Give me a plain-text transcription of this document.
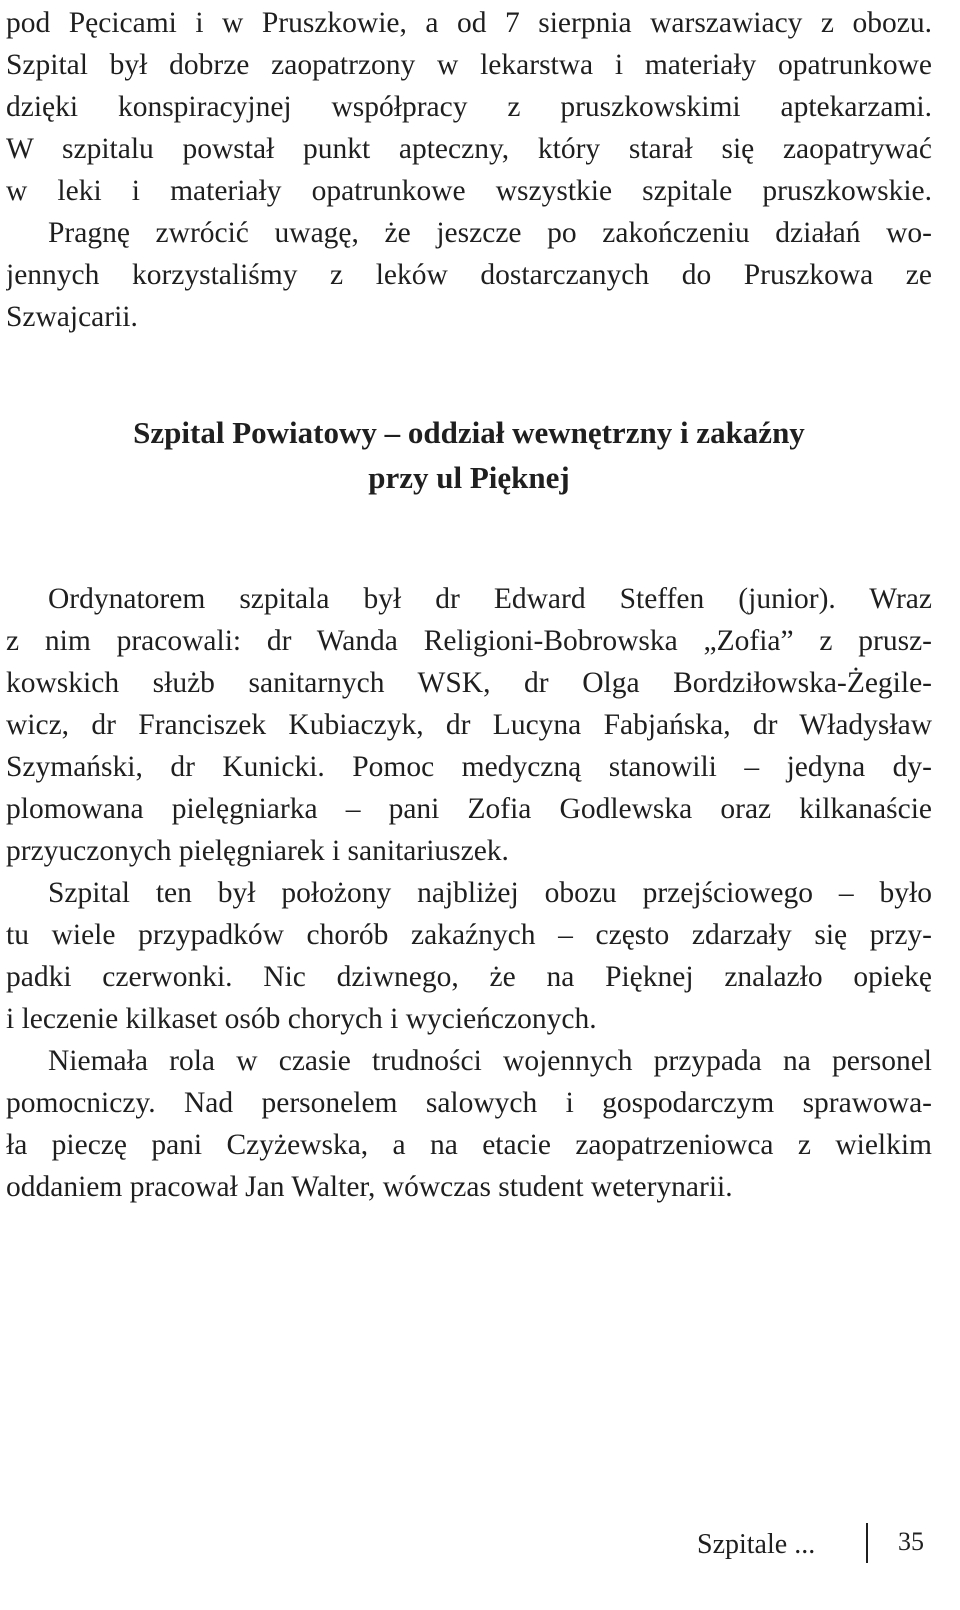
pod Pęcicami i w Pruszkowie, a od 7 sierpnia warszawiacy z obozu.
Szpital był dobrze zaopatrzony w lekarstwa i materiały opatrunkowe
dzięki konspiracyjnej współpracy z pruszkowskimi aptekarzami.
W szpitalu powstał punkt apteczny, który starał się zaopatrywać
w leki i materiały opatrunkowe wszystkie szpitale pruszkowskie.
Pragnę zwrócić uwagę, że jeszcze po zakończeniu działań wo-
jennych korzystaliśmy z leków dostarczanych do Pruszkowa ze
Szwajcarii.
Szpital Powiatowy – oddział wewnętrzny i zakaźny
przy ul Pięknej
Ordynatorem szpitala był dr Edward Steffen (junior). Wraz
z nim pracowali: dr Wanda Religioni-Bobrowska „Zofia” z prusz-
kowskich służb sanitarnych WSK, dr Olga Bordziłowska-Żegile-
wicz, dr Franciszek Kubiaczyk, dr Lucyna Fabjańska, dr Władysław
Szymański, dr Kunicki. Pomoc medyczną stanowili – jedyna dy-
plomowana pielęgniarka – pani Zofia Godlewska oraz kilkanaście
przyuczonych pielęgniarek i sanitariuszek.
Szpital ten był położony najbliżej obozu przejściowego – było
tu wiele przypadków chorób zakaźnych – często zdarzały się przy-
padki czerwonki. Nic dziwnego, że na Pięknej znalazło opiekę
i leczenie kilkaset osób chorych i wycieńczonych.
Niemała rola w czasie trudności wojennych przypada na personel
pomocniczy. Nad personelem salowych i gospodarczym sprawowa-
ła pieczę pani Czyżewska, a na etacie zaopatrzeniowca z wielkim
oddaniem pracował Jan Walter, wówczas student weterynarii.
Szpitale ...	35
